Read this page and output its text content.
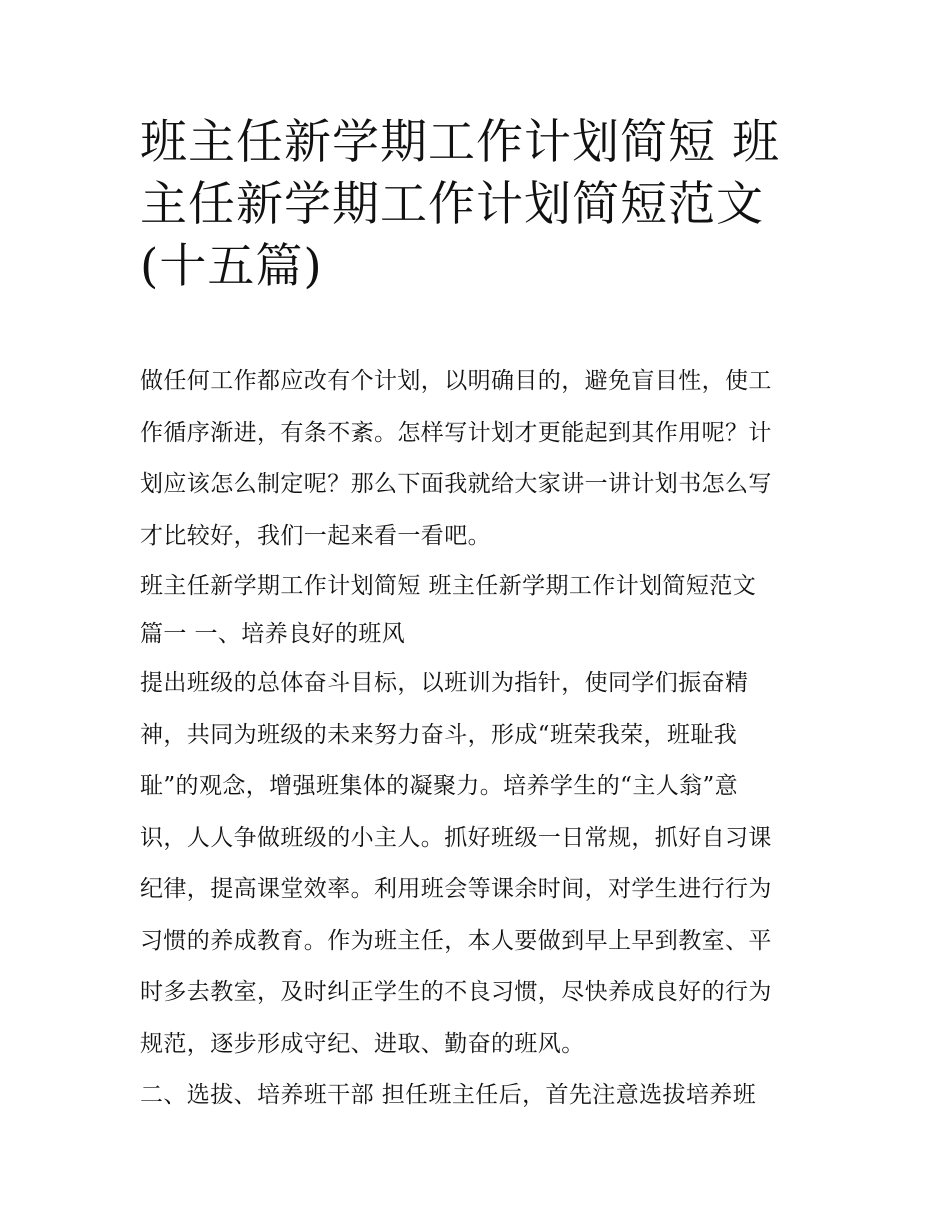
班主任新学期工作计划简短 班
主任新学期工作计划简短范文
(十五篇)
做任何工作都应改有个计划，以明确目的，避免盲目性，使工
作循序渐进，有条不紊。怎样写计划才更能起到其作用呢？计
划应该怎么制定呢？那么下面我就给大家讲一讲计划书怎么写
才比较好，我们一起来看一看吧。
班主任新学期工作计划简短 班主任新学期工作计划简短范文
篇一 一、培养良好的班风
提出班级的总体奋斗目标，以班训为指针，使同学们振奋精
神，共同为班级的未来努力奋斗，形成“班荣我荣，班耻我
耻”的观念，增强班集体的凝聚力。培养学生的“主人翁”意
识，人人争做班级的小主人。抓好班级一日常规，抓好自习课
纪律，提高课堂效率。利用班会等课余时间，对学生进行行为
习惯的养成教育。作为班主任，本人要做到早上早到教室、平
时多去教室，及时纠正学生的不良习惯，尽快养成良好的行为
规范，逐步形成守纪、进取、勤奋的班风。
二、选拔、培养班干部 担任班主任后，首先注意选拔培养班
